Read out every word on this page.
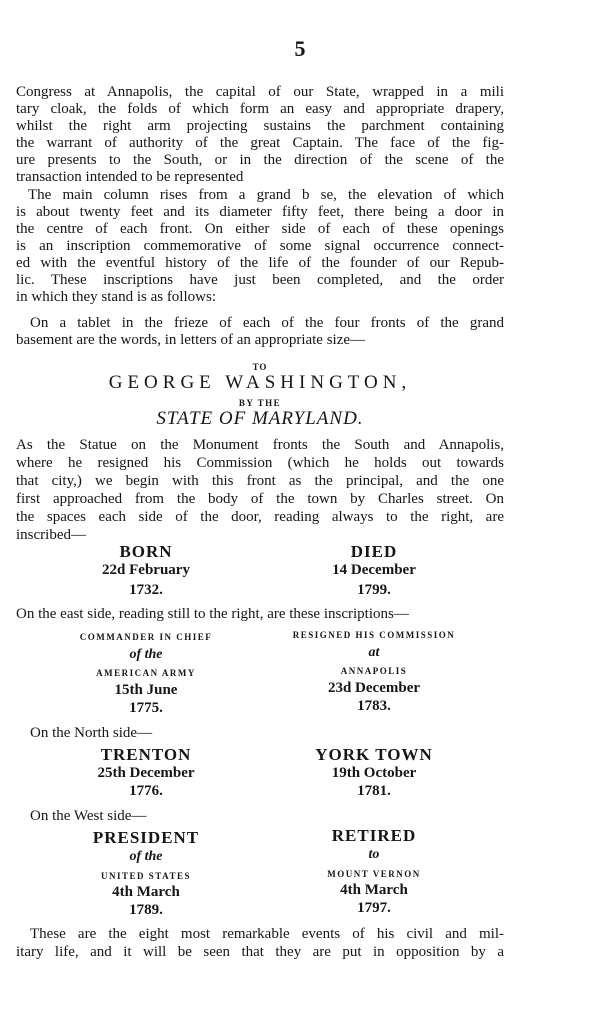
5
Congress at Annapolis, the capital of our State, wrapped in a mili
tary cloak, the folds of which form an easy and appropriate drapery,
whilst the right arm projecting sustains the parchment containing
the warrant of authority of the great Captain. The face of the fig-
ure presents to the South, or in the direction of the scene of the
transaction intended to be represented
The main column rises from a grand b se, the elevation of which
is about twenty feet and its diameter fifty feet, there being a door in
the centre of each front. On either side of each of these openings
is an inscription commemorative of some signal occurrence connect-
ed with the eventful history of the life of the founder of our Repub-
lic. These inscriptions have just been completed, and the order
in which they stand is as follows:
On a tablet in the frieze of each of the four fronts of the grand
basement are the words, in letters of an appropriate size—
TO
GEORGE WASHINGTON,
BY THE
STATE OF MARYLAND.
As the Statue on the Monument fronts the South and Annapolis,
where he resigned his Commission (which he holds out towards
that city,) we begin with this front as the principal, and the one
first approached from the body of the town by Charles street. On
the spaces each side of the door, reading always to the right, are
inscribed—
BORN
22d February
1732.
DIED
14 December
1799.
On the east side, reading still to the right, are these inscriptions—
COMMANDER IN CHIEF
of the
AMERICAN ARMY
15th June
1775.
RESIGNED HIS COMMISSION
at
ANNAPOLIS
23d December
1783.
On the North side—
TRENTON
25th December
1776.
YORK TOWN
19th October
1781.
On the West side—
PRESIDENT
of the
UNITED STATES
4th March
1789.
RETIRED
to
MOUNT VERNON
4th March
1797.
These are the eight most remarkable events of his civil and mil-
itary life, and it will be seen that they are put in opposition by a
